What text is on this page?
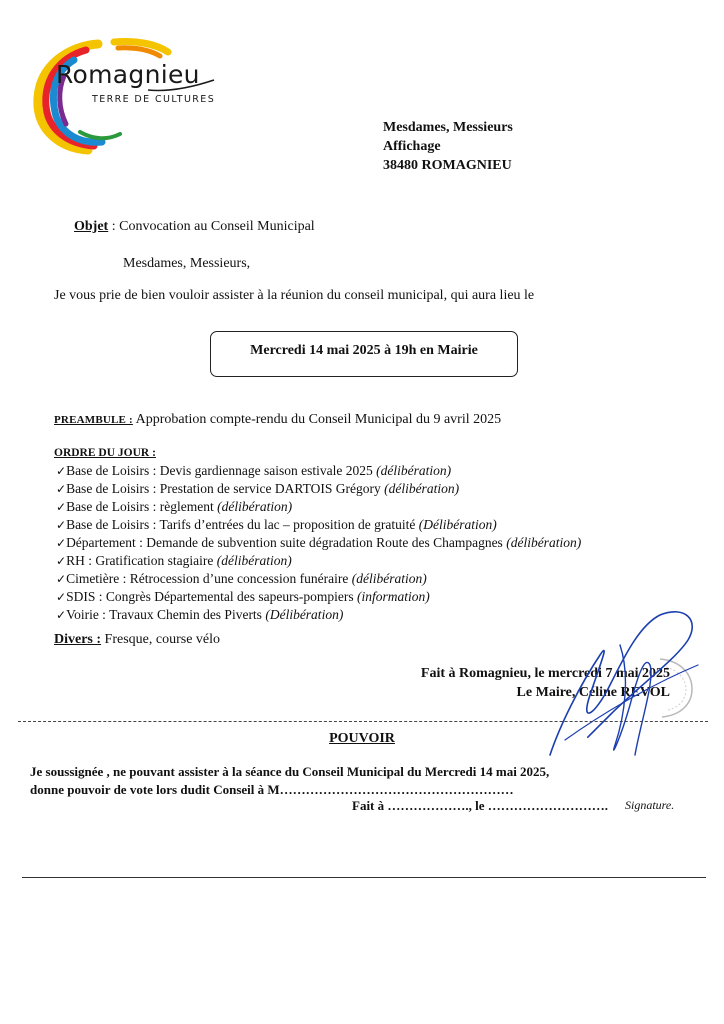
Romagnieu
TERRE DE CULTURES
Mesdames, Messieurs
Affichage
38480 ROMAGNIEU
Objet : Convocation au Conseil Municipal
Mesdames, Messieurs,
Je vous prie de bien vouloir assister à la réunion du conseil municipal, qui aura lieu le
Mercredi 14 mai 2025 à 19h en Mairie
PREAMBULE : Approbation compte-rendu du Conseil Municipal du 9 avril 2025
ORDRE DU JOUR :
✓Base de Loisirs : Devis gardiennage saison estivale 2025 (délibération)
✓Base de Loisirs : Prestation de service DARTOIS Grégory (délibération)
✓Base de Loisirs : règlement (délibération)
✓Base de Loisirs : Tarifs d’entrées du lac – proposition de gratuité (Délibération)
✓Département : Demande de subvention suite dégradation Route des Champagnes (délibération)
✓RH : Gratification stagiaire (délibération)
✓Cimetière : Rétrocession d’une concession funéraire (délibération)
✓SDIS : Congrès Départemental des sapeurs-pompiers (information)
✓Voirie : Travaux Chemin des Piverts (Délibération)
Divers : Fresque, course vélo
Fait à Romagnieu, le mercredi 7 mai 2025
Le Maire, Céline REVOL
POUVOIR
Je soussignée , ne pouvant assister à la séance du Conseil Municipal du Mercredi 14 mai 2025,
donne pouvoir de vote lors dudit Conseil à M………………………………………………
Fait à ………………., le ………………………. Signature.
